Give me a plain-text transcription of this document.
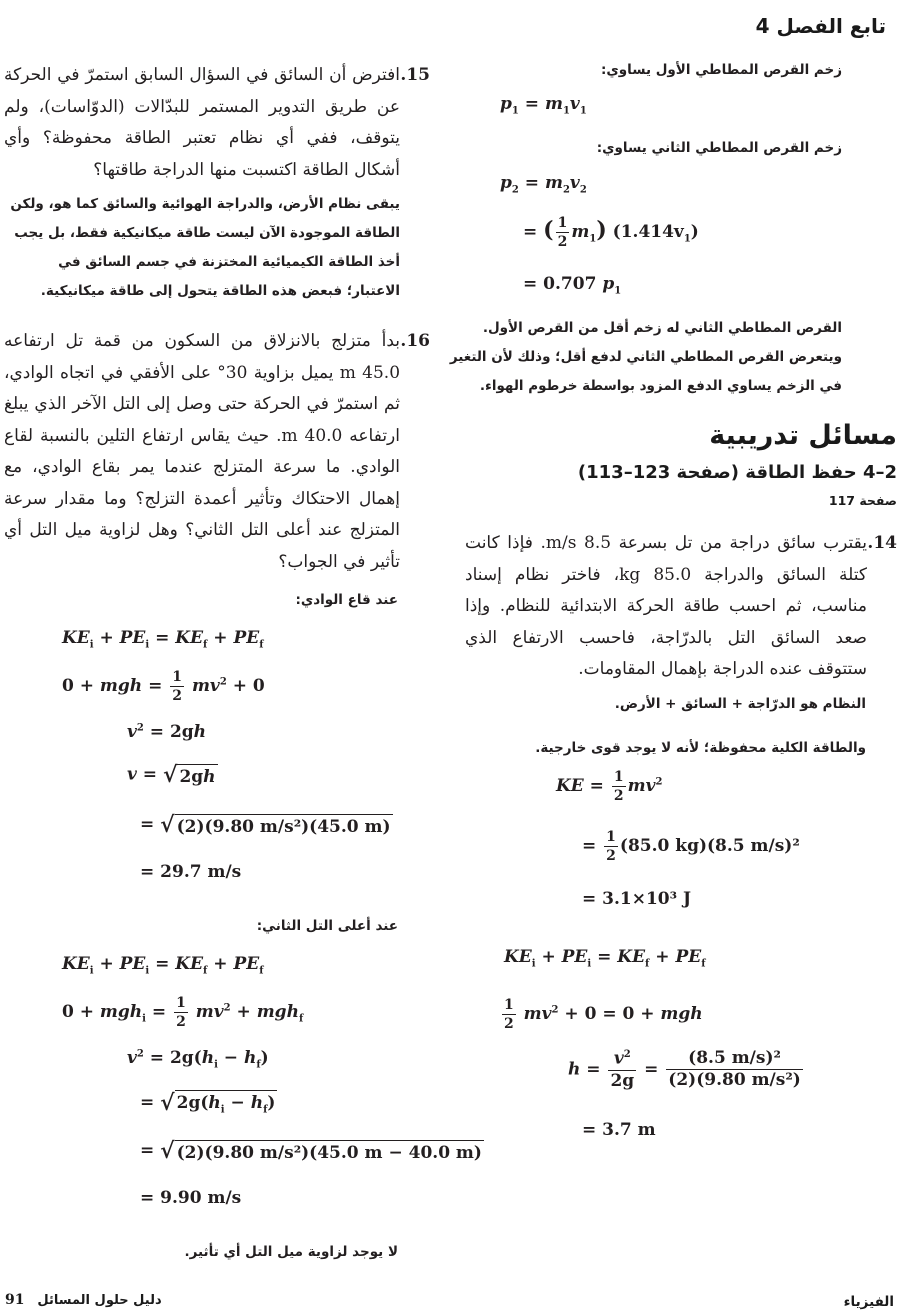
تابع الفصل 4
زخم القرص المطاطي الأول يساوي:
$p_1 = m_1v_1$
زخم القرص المطاطي الثاني يساوي:
$p_2 = m_2v_2$
= ( $\frac{1}{2} m_1$) $(1.414v_1)$
= 0.707 $p_1$
القرص المطاطي الثاني له زخم أقل من القرص الأول. ويتعرض القرص المطاطي الثاني لدفع أقل؛ وذلك لأن التغير في الزخم يساوي الدفع المزود بواسطة خرطوم الهواء.
مسائل تدريبية
2–4 حفظ الطاقة (صفحة 123–113)
صفحة 117
14.
يقترب سائق دراجة من تل بسرعة 8.5 m/s. فإذا كانت كتلة السائق والدراجة 85.0 kg، فاختر نظام إسناد مناسب، ثم احسب طاقة الحركة الابتدائية للنظام. وإذا صعد السائق التل بالدرّاجة، فاحسب الارتفاع الذي ستتوقف عنده الدراجة بإهمال المقاومات.
النظام هو الدرّاجة + السائق + الأرض.
والطاقة الكلية محفوظة؛ لأنه لا يوجد قوى خارجية.
KE = $\frac{1}{2} mv^2$
= $\frac{1}{2} (85.0$ kg)(8.5 m/s)²
= 3.1×10³ J
$KE_i + PE_i = KE_f + PE_f$
$\frac{1}{2} mv^2 + 0 = 0$ + mgh
$h = \frac{v^2}{2g} = \frac{\text{(8.5 m/s)²}}{\text{(2)(9.80 m/s²)}}$
= 3.7 m
15.
افترض أن السائق في السؤال السابق استمرّ في الحركة عن طريق التدوير المستمر للبدّالات (الدوّاسات)، ولم يتوقف، ففي أي نظام تعتبر الطاقة محفوظة؟ وأي أشكال الطاقة اكتسبت منها الدراجة طاقتها؟
يبقى نظام الأرض، والدراجة الهوائية والسائق كما هو، ولكن الطاقة الموجودة الآن ليست طاقة ميكانيكية فقط، بل يجب أخذ الطاقة الكيميائية المختزنة في جسم السائق في الاعتبار؛ فبعض هذه الطاقة يتحول إلى طاقة ميكانيكية.
16.
بدأ متزلج بالانزلاق من السكون من قمة تل ارتفاعه 45.0 m يميل بزاوية 30° على الأفقي في اتجاه الوادي، ثم استمرّ في الحركة حتى وصل إلى التل الآخر الذي يبلغ ارتفاعه 40.0 m. حيث يقاس ارتفاع التلين بالنسبة لقاع الوادي. ما سرعة المتزلج عندما يمر بقاع الوادي، مع إهمال الاحتكاك وتأثير أعمدة التزلج؟ وما مقدار سرعة المتزلج عند أعلى التل الثاني؟ وهل لزاوية ميل التل أي تأثير في الجواب؟
عند قاع الوادي:
$KE_i + PE_i = KE_f + PE_f$
0 + mgh = $\frac{1}{2} mv^2 + 0$
$v^2 = 2gh$
v = √ 2gh
= √ (2)(9.80 m/s²)(45.0 m)
= 29.7 m/s
عند أعلى التل الثاني:
$KE_i + PE_i = KE_f + PE_f$
$0 + mgh_i = \frac{1}{2} mv^2 + mgh_f$
$v^2 = 2g(h_i - h_f)$
= √ $2g(h_i - h_f)$
= √ (2)(9.80 m/s²)(45.0 m − 40.0 m)
= 9.90 m/s
لا يوجد لزاوية ميل التل أي تأثير.
الفيزياء
91 دليل حلول المسائل
